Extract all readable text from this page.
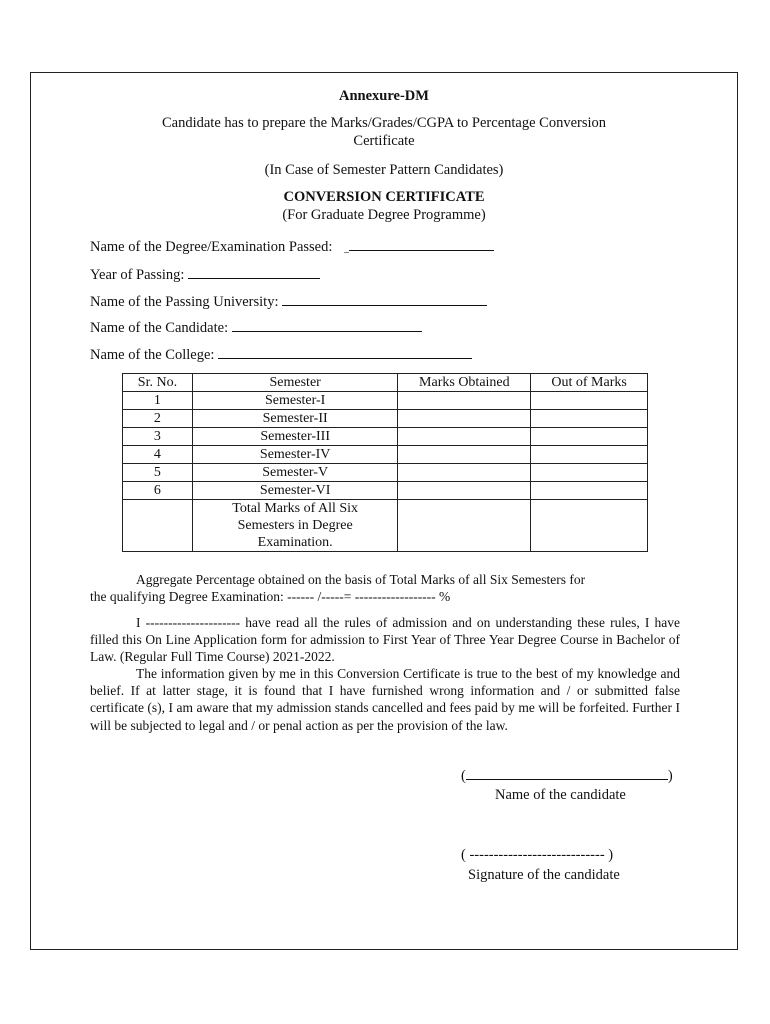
Annexure-DM
Candidate has to prepare the Marks/Grades/CGPA to Percentage Conversion
Certificate
(In Case of Semester Pattern Candidates)
CONVERSION CERTIFICATE
(For Graduate Degree Programme)
Name of the Degree/Examination Passed: _
Year of Passing:
Name of the Passing University:
Name of the Candidate:
Name of the College:
Sr. No.	Semester	Marks Obtained	Out of Marks
1	Semester-I		
2	Semester-II		
3	Semester-III		
4	Semester-IV		
5	Semester-V		
6	Semester-VI		

	Total Marks of All Six
Semesters in Degree
Examination.		

Aggregate Percentage obtained on the basis of Total Marks of all Six Semesters for
the qualifying Degree Examination: ------ /-----= ------------------ %
I --------------------- have read all the rules of admission and on understanding these rules, I have filled this On Line Application form for admission to First Year of Three Year Degree Course in Bachelor of Law. (Regular Full Time Course) 2021-2022.
The information given by me in this Conversion Certificate is true to the best of my knowledge and belief. If at latter stage, it is found that I have furnished wrong information and / or submitted false certificate (s), I am aware that my admission stands cancelled and fees paid by me will be forfeited. Further I will be subjected to legal and / or penal action as per the provision of the law.
(	)
Name of the candidate
( ---------------------------- )
Signature of the candidate
